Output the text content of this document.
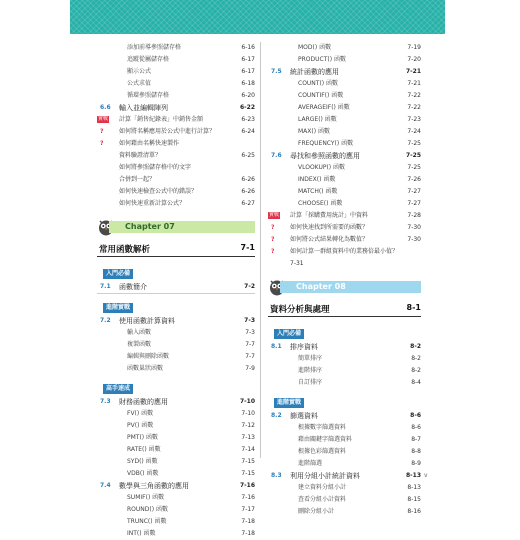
添加前導參照儲存格	6-16
追蹤從屬儲存格	6-17
顯示公式	6-17
公式求值	6-18
循環參照儲存格	6-20
6.6 輸入並編輯陣列	6-22
實戰 計算「銷售紀錄表」中銷售金額	6-23
?	如何將名稱應用於公式中進行計算？	6-24
?	如何藉由名稱快速製作
資料驗證清單？	6-25
如何將參照儲存格中的文字
合併到一起？	6-26
如何快速檢查公式中的錯誤？	6-26
如何快速重新計算公式？	6-27
Chapter 07
常用函數解析	7-1
入門必備
7.1 函數簡介	7-2
進階實戰
7.2 使用函數計算資料	7-3
輸入函數	7-3
複製函數	7-7
編輯與刪除函數	7-7
函數巢狀函數	7-9
高手速成
7.3 財務函數的應用	7-10
FV() 函數	7-10
PV() 函數	7-12
PMT() 函數	7-13
RATE() 函數	7-14
SYD() 函數	7-15
VDB() 函數	7-15
7.4 數學與三角函數的應用	7-16
SUMIF() 函數	7-16
ROUND() 函數	7-17
TRUNC() 函數	7-18
INT() 函數	7-18
MOD() 函數	7-19
PRODUCT() 函數	7-20
7.5 統計函數的應用	7-21
COUNT() 函數	7-21
COUNTIF() 函數	7-22
AVERAGEIF() 函數	7-22
LARGE() 函數	7-23
MAX() 函數	7-24
FREQUENCY() 函數	7-25
7.6 尋找和參照函數的應用	7-25
VLOOKUP() 函數	7-25
INDEX() 函數	7-26
MATCH() 函數	7-27
CHOOSE() 函數	7-27
實戰 計算「採購費用統計」中資料	7-28
?	如何快速找到所需要的函數？	7-30
?	如何將公式結果轉化為數值？	7-30
?	如何計算一群組資料中的業務倍最小值？
7-31
Chapter 08
資料分析與處理	8-1
入門必備
8.1 排序資料	8-2
簡單排序	8-2
進階排序	8-2
自訂排序	8-4
進階實戰
8.2 篩選資料	8-6
根據數字篩選資料	8-6
藉由關鍵字篩選資料	8-7
根據色彩篩選資料	8-8
進階篩選	8-9
8.3 利用分組小計統計資料	8-13
建立資料分組小計	8-13
查看分組小計資料	8-15
刪除分組小計	8-16
v
